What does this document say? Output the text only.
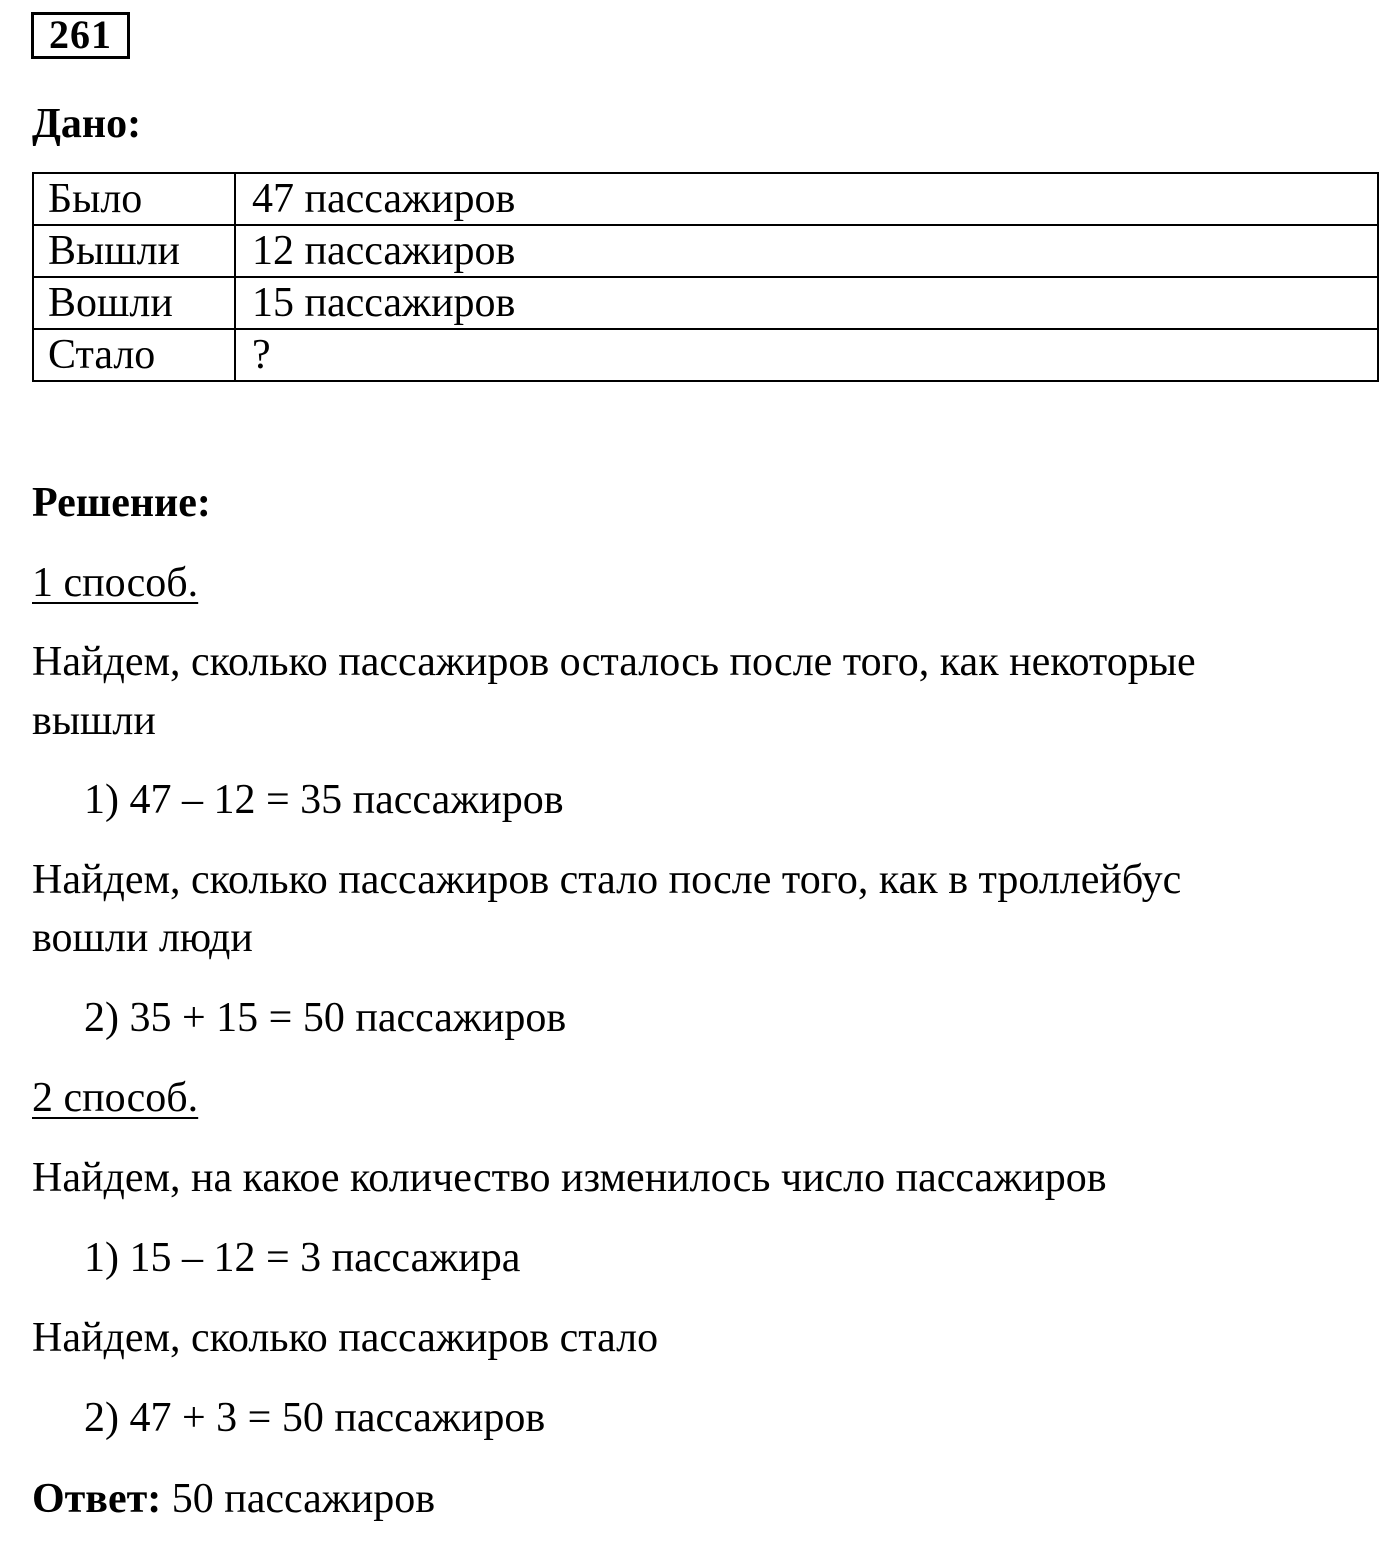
261
Дано:
Было	47 пассажиров
Вышли	12 пассажиров
Вошли	15 пассажиров
Стало	?
Решение:
1 способ.
Найдем, сколько пассажиров осталось после того, как некоторые
вышли
1) 47 – 12 = 35 пассажиров
Найдем, сколько пассажиров стало после того, как в троллейбус
вошли люди
2) 35 + 15 = 50 пассажиров
2 способ.
Найдем, на какое количество изменилось число пассажиров
1) 15 – 12 = 3 пассажира
Найдем, сколько пассажиров стало
2) 47 + 3 = 50 пассажиров
Ответ: 50 пассажиров
